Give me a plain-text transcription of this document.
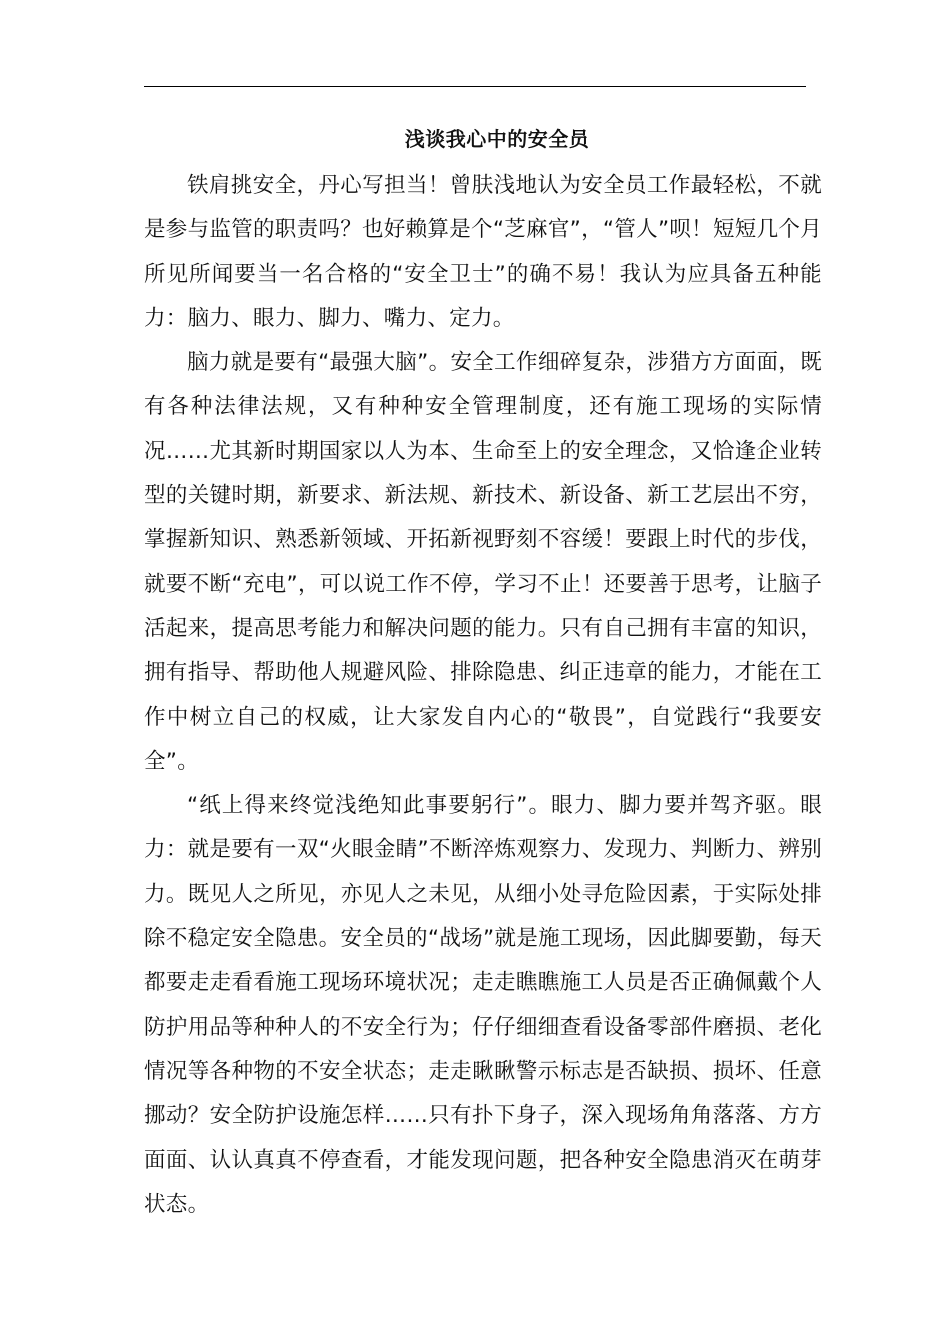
浅谈我心中的安全员

铁肩挑安全，丹心写担当！曾肤浅地认为安全员工作最轻松，不就是参与监管的职责吗？也好赖算是个“芝麻官”，“管人”呗！短短几个月所见所闻要当一名合格的“安全卫士”的确不易！我认为应具备五种能力：脑力、眼力、脚力、嘴力、定力。

脑力就是要有“最强大脑”。安全工作细碎复杂，涉猎方方面面，既有各种法律法规，又有种种安全管理制度，还有施工现场的实际情况……尤其新时期国家以人为本、生命至上的安全理念，又恰逢企业转型的关键时期，新要求、新法规、新技术、新设备、新工艺层出不穷，掌握新知识、熟悉新领域、开拓新视野刻不容缓！要跟上时代的步伐，就要不断“充电”，可以说工作不停，学习不止！还要善于思考，让脑子活起来，提高思考能力和解决问题的能力。只有自己拥有丰富的知识，拥有指导、帮助他人规避风险、排除隐患、纠正违章的能力，才能在工作中树立自己的权威，让大家发自内心的“敬畏”，自觉践行“我要安全”。

“纸上得来终觉浅绝知此事要躬行”。眼力、脚力要并驾齐驱。眼力：就是要有一双“火眼金睛”不断淬炼观察力、发现力、判断力、辨别力。既见人之所见，亦见人之未见，从细小处寻危险因素，于实际处排除不稳定安全隐患。安全员的“战场”就是施工现场，因此脚要勤，每天都要走走看看施工现场环境状况；走走瞧瞧施工人员是否正确佩戴个人防护用品等种种人的不安全行为；仔仔细细查看设备零部件磨损、老化情况等各种物的不安全状态；走走瞅瞅警示标志是否缺损、损坏、任意挪动？安全防护设施怎样……只有扑下身子，深入现场角角落落、方方面面、认认真真不停查看，才能发现问题，把各种安全隐患消灭在萌芽状态。
